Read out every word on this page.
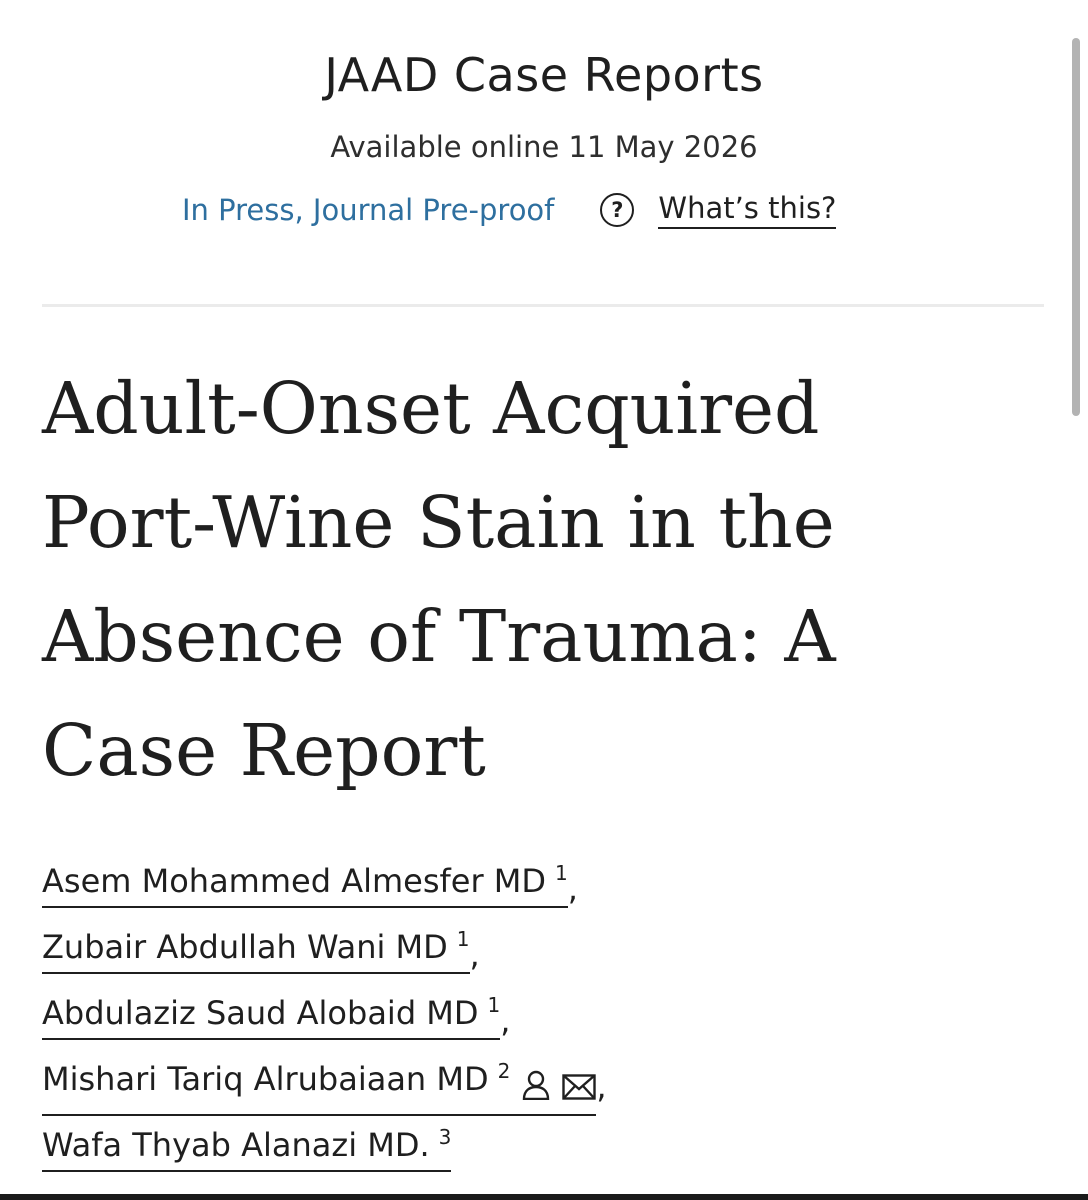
JAAD Case Reports
Available online 11 May 2026
In Press, Journal Pre-proof	?	What’s this?
Adult-Onset Acquired Port-Wine Stain in the Absence of Trauma: A Case Report
Asem Mohammed Almesfer MD 1 ,
Zubair Abdullah Wani MD 1 ,
Abdulaziz Saud Alobaid MD 1 ,
Mishari Tariq Alrubaiaan MD 2	,
Wafa Thyab Alanazi MD. 3
